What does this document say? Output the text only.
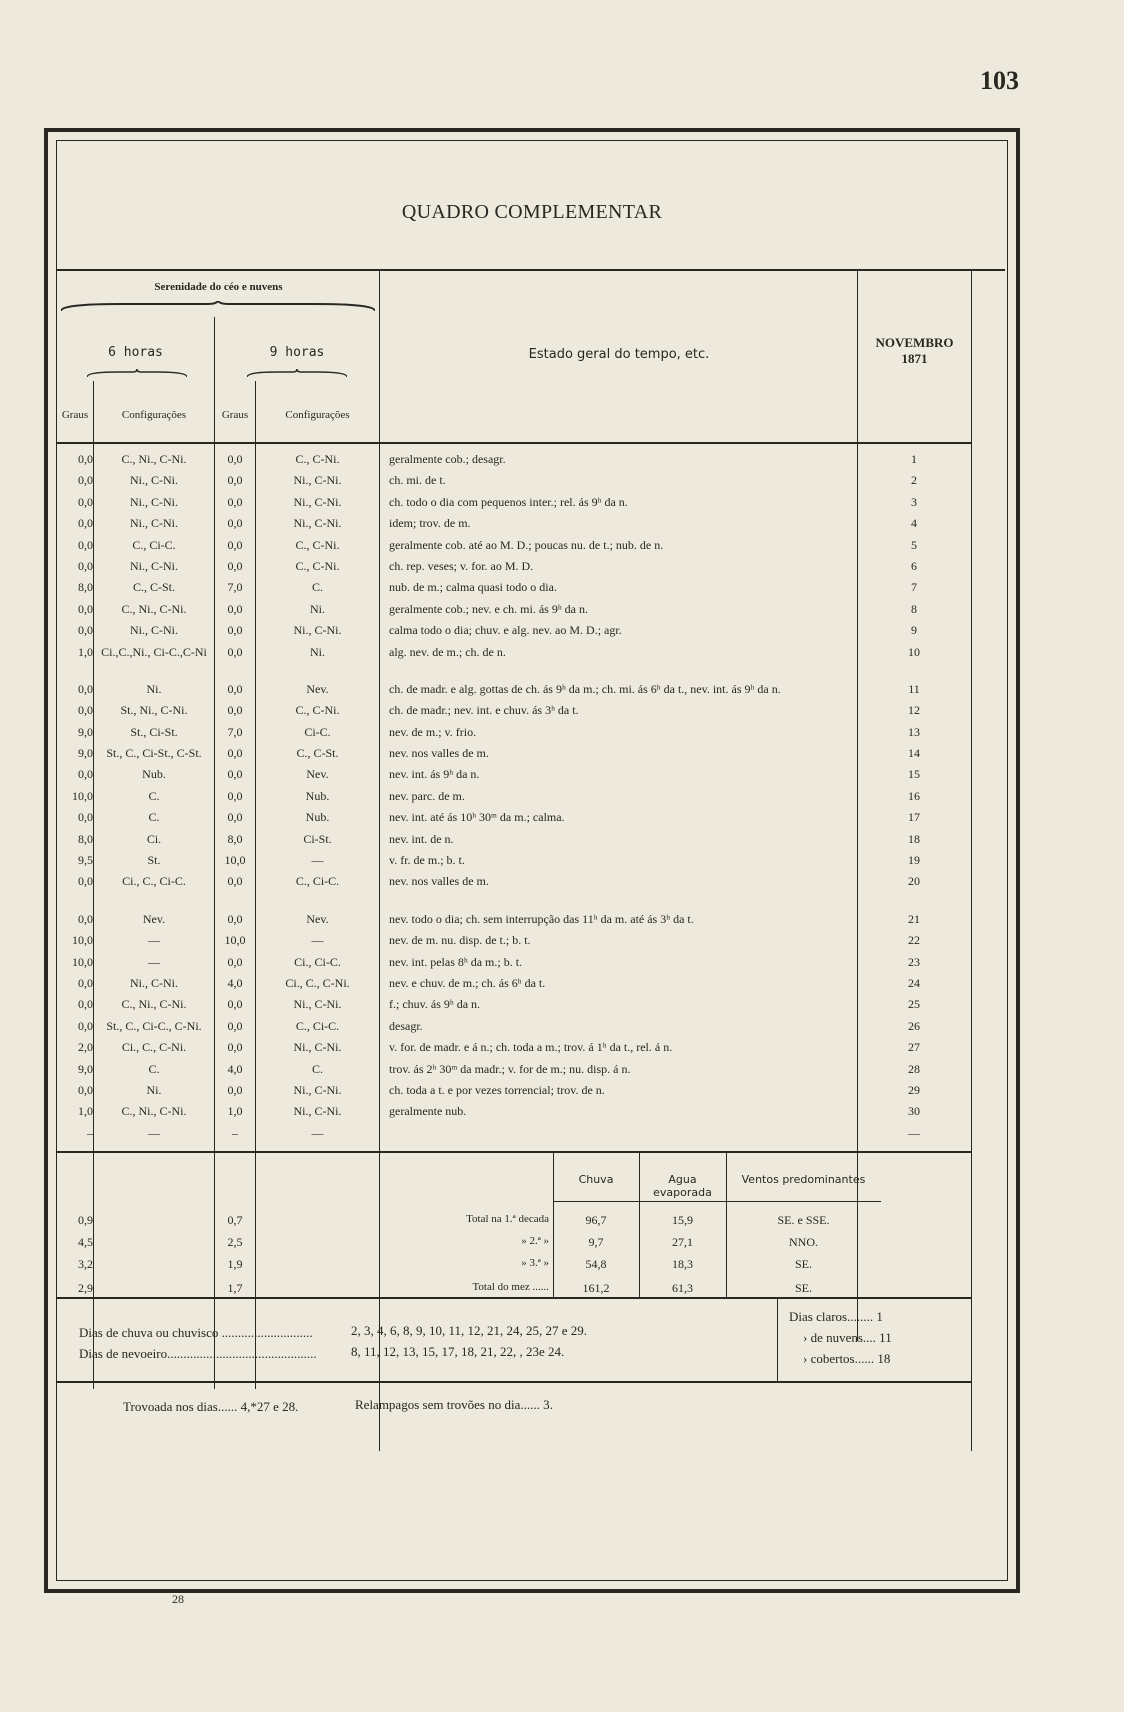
103
QUADRO COMPLEMENTAR
Serenidade do céo e nuvens
6 horas	9 horas	Estado geral do tempo, etc.
NOVEMBRO
1871
Graus	Configurações	Graus	Configurações
0,0	C., Ni., C-Ni.	0,0	C., C-Ni.	geralmente cob.; desagr.	1
0,0	Ni., C-Ni.	0,0	Ni., C-Ni.	ch. mi. de t.	2
0,0	Ni., C-Ni.	0,0	Ni., C-Ni.	ch. todo o dia com pequenos inter.; rel. ás 9ʰ da n.	3
0,0	Ni., C-Ni.	0,0	Ni., C-Ni.	idem; trov. de m.	4
0,0	C., Ci-C.	0,0	C., C-Ni.	geralmente cob. até ao M. D.; poucas nu. de t.; nub. de n.	5
0,0	Ni., C-Ni.	0,0	C., C-Ni.	ch. rep. veses; v. for. ao M. D.	6
8,0	C., C-St.	7,0	C.	nub. de m.; calma quasi todo o dia.	7
0,0	C., Ni., C-Ni.	0,0	Ni.	geralmente cob.; nev. e ch. mi. ás 9ʰ da n.	8
0,0	Ni., C-Ni.	0,0	Ni., C-Ni.	calma todo o dia; chuv. e alg. nev. ao M. D.; agr.	9
1,0 Ci.,C.,Ni., Ci-C.,C-Ni	0,0	Ni.	alg. nev. de m.; ch. de n.	10
0,0	Ni.	0,0	Nev.	ch. de madr. e alg. gottas de ch. ás 9ʰ da m.; ch. mi. ás 6ʰ da t., nev. int. ás 9ʰ da n.	11
0,0	St., Ni., C-Ni.	0,0	C., C-Ni.	ch. de madr.; nev. int. e chuv. ás 3ʰ da t.	12
9,0	St., Ci-St.	7,0	Ci-C.	nev. de m.; v. frio.	13
9,0	St., C., Ci-St., C-St.	0,0	C., C-St.	nev. nos valles de m.	14
0,0	Nub.	0,0	Nev.	nev. int. ás 9ʰ da n.	15
10,0	C.	0,0	Nub.	nev. parc. de m.	16
0,0	C.	0,0	Nub.	nev. int. até ás 10ʰ 30ᵐ da m.; calma.	17
8,0	Ci.	8,0	Ci-St.	nev. int. de n.	18
9,5	St.	10,0	—	v. fr. de m.; b. t.	19
0,0	Ci., C., Ci-C.	0,0	C., Ci-C.	nev. nos valles de m.	20
0,0	Nev.	0,0	Nev.	nev. todo o dia; ch. sem interrupção das 11ʰ da m. até ás 3ʰ da t.	21
10,0	—	10,0	—	nev. de m. nu. disp. de t.; b. t.	22
10,0	—	0,0	Ci., Ci-C.	nev. int. pelas 8ʰ da m.; b. t.	23
0,0	Ni., C-Ni.	4,0	Ci., C., C-Ni.	nev. e chuv. de m.; ch. ás 6ʰ da t.	24
0,0	C., Ni., C-Ni.	0,0	Ni., C-Ni.	f.; chuv. ás 9ʰ da n.	25
0,0	St., C., Ci-C., C-Ni.	0,0	C., Ci-C.	desagr.	26
2,0	Ci., C., C-Ni.	0,0	Ni., C-Ni.	v. for. de madr. e á n.; ch. toda a m.; trov. á 1ʰ da t., rel. á n.	27
9,0	C.	4,0	C.	trov. ás 2ʰ 30ᵐ da madr.; v. for de m.; nu. disp. á n.	28
0,0	Ni.	0,0	Ni., C-Ni.	ch. toda a t. e por vezes torrencial; trov. de n.	29
1,0	C., Ni., C-Ni.	1,0	Ni., C-Ni.	geralmente nub.	30
–	—	–	—	—
Chuva	Agua evaporada
Ventos predominantes
0,9	0,7	Total na 1.ª decada	96,7	15,9	SE. e SSE.
4,5	2,5	» 2.ª »	9,7	27,1	NNO.
3,2	1,9	» 3.ª »	54,8	18,3	SE.
2,9	1,7	Total do mez ......	161,2	61,3	SE.
Dias de chuva ou chuvisco ............................	2, 3, 4, 6, 8, 9, 10, 11, 12, 21, 24, 25, 27 e 29.
Dias de nevoeiro..............................................	8, 11, 12, 13, 15, 17, 18, 21, 22, , 23e 24.
Dias claros........ 1
› de nuvens.... 11
› cobertos...... 18
Trovoada nos dias...... 4,*27 e 28.	Relampagos sem trovões no dia...... 3.
28
